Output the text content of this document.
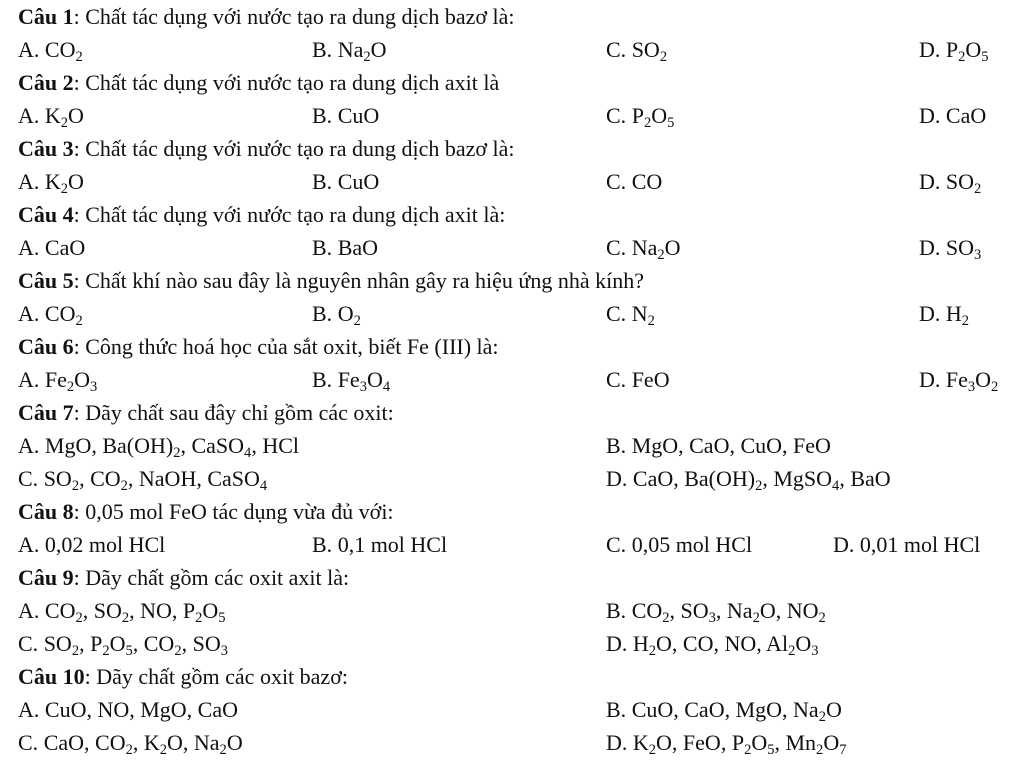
Câu 1: Chất tác dụng với nước tạo ra dung dịch bazơ là:
A. $CO_2$	B. $Na_2O$	C. $SO_2$	D. $P_2O_5$
Câu 2: Chất tác dụng với nước tạo ra dung dịch axit là
A. $K_2O$	B. CuO	C. $P_2O_5$	D. CaO
Câu 3: Chất tác dụng với nước tạo ra dung dịch bazơ là:
A. $K_2O$	B. CuO	C. CO	D. $SO_2$
Câu 4: Chất tác dụng với nước tạo ra dung dịch axit là:
A. CaO	B. BaO	C. $Na_2O$	D. $SO_3$
Câu 5: Chất khí nào sau đây là nguyên nhân gây ra hiệu ứng nhà kính?
A. $CO_2$	B. $O_2$	C. $N_2$	D. $H_2$
Câu 6: Công thức hoá học của sắt oxit, biết Fe (III) là:
A. $Fe_2O_3$	B. $Fe_3O_4$	C. FeO	D. $Fe_3O_2$
Câu 7: Dãy chất sau đây chỉ gồm các oxit:
A. MgO, $Ba(OH)_2$, CaSO$_4$, HCl	B. MgO, CaO, CuO, FeO
C. $SO_2$, $CO_2$, NaOH, CaSO$_4$	D. CaO, $Ba(OH)_2$, MgSO$_4$, BaO
Câu 8: 0,05 mol FeO tác dụng vừa đủ với:
A. 0,02 mol HCl	B. 0,1 mol HCl	C. 0,05 mol HCl	D. 0,01 mol HCl
Câu 9: Dãy chất gồm các oxit axit là:
A. $CO_2$, $SO_2$, NO, $P_2O_5$	B. $CO_2$, $SO_3$, $Na_2O$, $NO_2$
C. $SO_2$, $P_2O_5$, $CO_2$, $SO_3$	D. $H_2O$, CO, NO, $Al_2O_3$
Câu 10: Dãy chất gồm các oxit bazơ:
A. CuO, NO, MgO, CaO	B. CuO, CaO, MgO, $Na_2O$
C. CaO, $CO_2$, $K_2O$, $Na_2O$	D. $K_2O$, FeO, $P_2O_5$, $Mn_2O_7$
